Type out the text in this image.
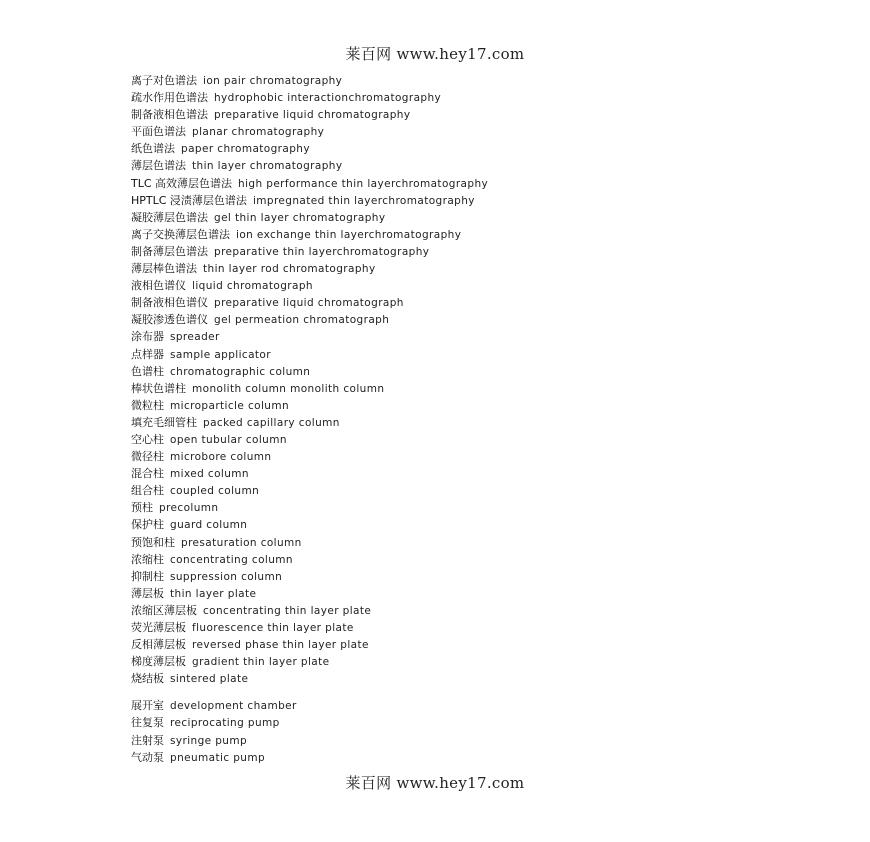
莱百网 www.hey17.com
离子对色谱法 ion pair chromatography
疏水作用色谱法 hydrophobic interactionchromatography
制备液相色谱法 preparative liquid chromatography
平面色谱法 planar chromatography
纸色谱法 paper chromatography
薄层色谱法 thin layer chromatography
TLC 高效薄层色谱法 high performance thin layerchromatography
HPTLC 浸渍薄层色谱法 impregnated thin layerchromatography
凝胶薄层色谱法 gel thin layer chromatography
离子交换薄层色谱法 ion exchange thin layerchromatography
制备薄层色谱法 preparative thin layerchromatography
薄层棒色谱法 thin layer rod chromatography
液相色谱仪 liquid chromatograph
制备液相色谱仪 preparative liquid chromatograph
凝胶渗透色谱仪 gel permeation chromatograph
涂布器 spreader
点样器 sample applicator
色谱柱 chromatographic column
棒状色谱柱 monolith column monolith column
微粒柱 microparticle column
填充毛细管柱 packed capillary column
空心柱 open tubular column
微径柱 microbore column
混合柱 mixed column
组合柱 coupled column
预柱 precolumn
保护柱 guard column
预饱和柱 presaturation column
浓缩柱 concentrating column
抑制柱 suppression column
薄层板 thin layer plate
浓缩区薄层板 concentrating thin layer plate
荧光薄层板 fluorescence thin layer plate
反相薄层板 reversed phase thin layer plate
梯度薄层板 gradient thin layer plate
烧结板 sintered plate
展开室 development chamber
往复泵 reciprocating pump
注射泵 syringe pump
气动泵 pneumatic pump
莱百网 www.hey17.com
